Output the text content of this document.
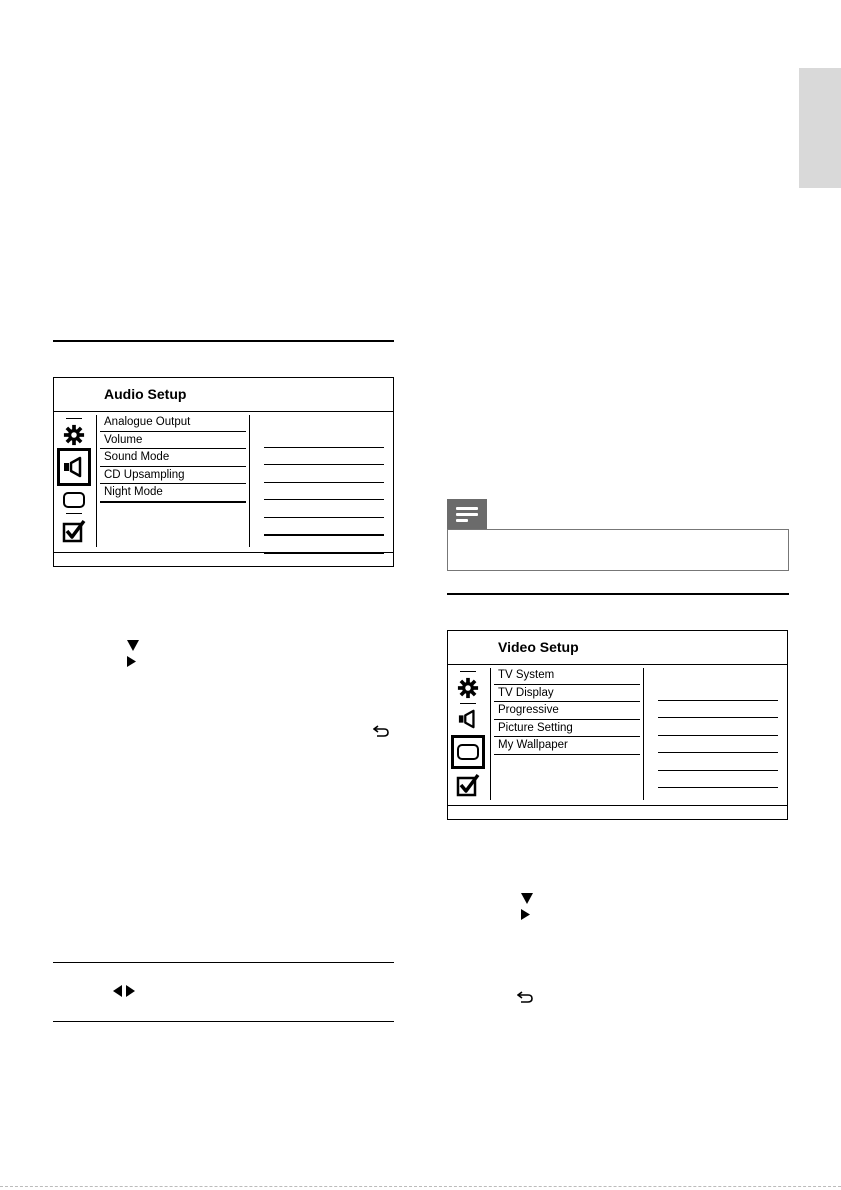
Audio Setup
Analogue Output
Volume
Sound Mode
CD Upsampling
Night Mode
Video Setup
TV System
TV Display
Progressive
Picture Setting
My Wallpaper
